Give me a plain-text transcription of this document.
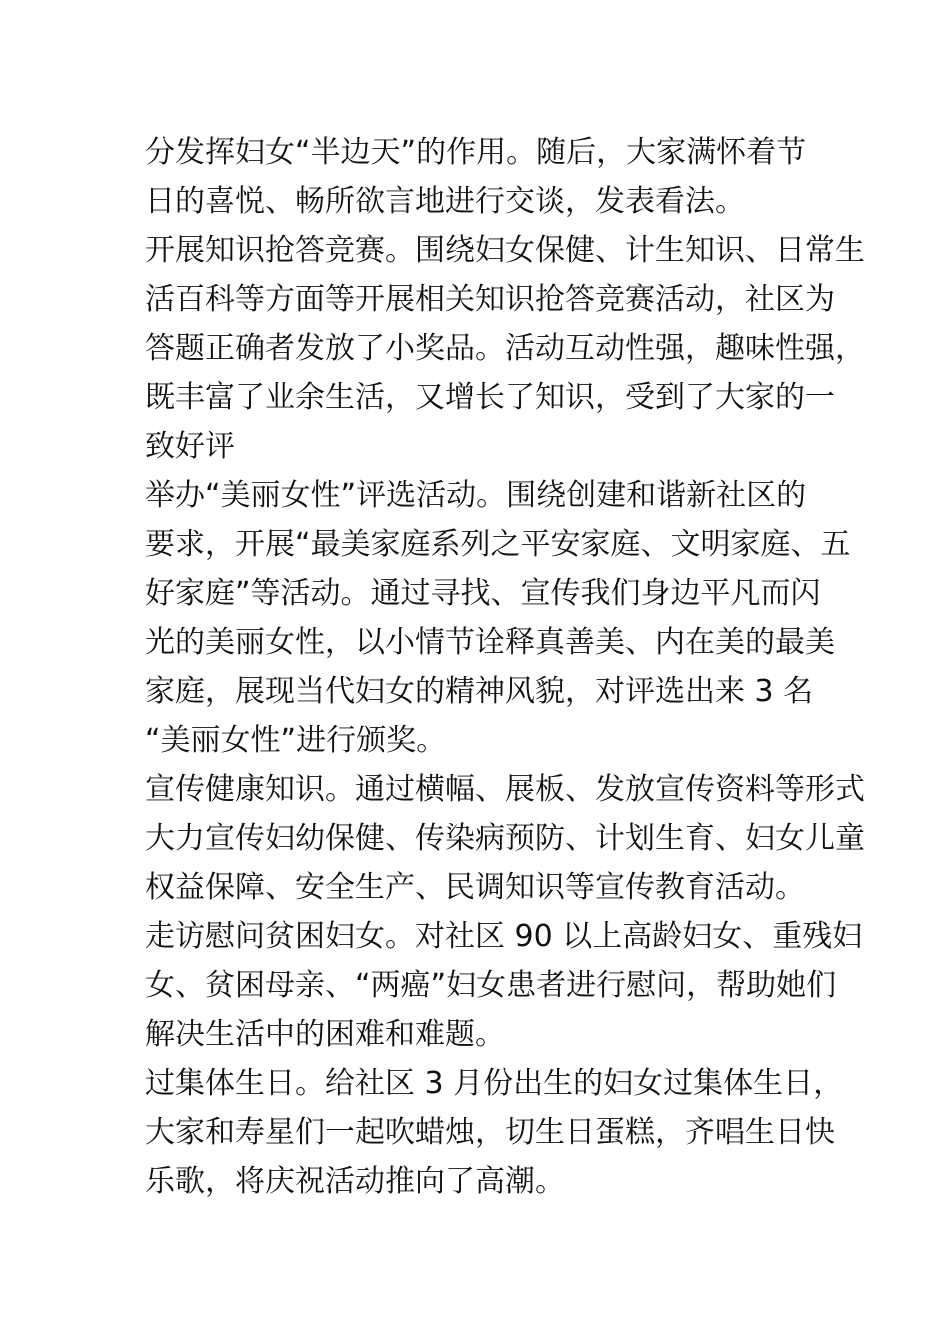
分发挥妇女“半边天”的作用。随后，大家满怀着节
日的喜悦、畅所欲言地进行交谈，发表看法。
开展知识抢答竞赛。围绕妇女保健、计生知识、日常生
活百科等方面等开展相关知识抢答竞赛活动，社区为
答题正确者发放了小奖品。活动互动性强，趣味性强，
既丰富了业余生活，又增长了知识，受到了大家的一
致好评
举办“美丽女性”评选活动。围绕创建和谐新社区的
要求，开展“最美家庭系列之平安家庭、文明家庭、五
好家庭”等活动。通过寻找、宣传我们身边平凡而闪
光的美丽女性，以小情节诠释真善美、内在美的最美
家庭，展现当代妇女的精神风貌，对评选出来 3 名
“美丽女性”进行颁奖。
宣传健康知识。通过横幅、展板、发放宣传资料等形式
大力宣传妇幼保健、传染病预防、计划生育、妇女儿童
权益保障、安全生产、民调知识等宣传教育活动。
走访慰问贫困妇女。对社区 90 以上高龄妇女、重残妇
女、贫困母亲、“两癌”妇女患者进行慰问，帮助她们
解决生活中的困难和难题。
过集体生日。给社区 3 月份出生的妇女过集体生日，
大家和寿星们一起吹蜡烛，切生日蛋糕，齐唱生日快
乐歌，将庆祝活动推向了高潮。
